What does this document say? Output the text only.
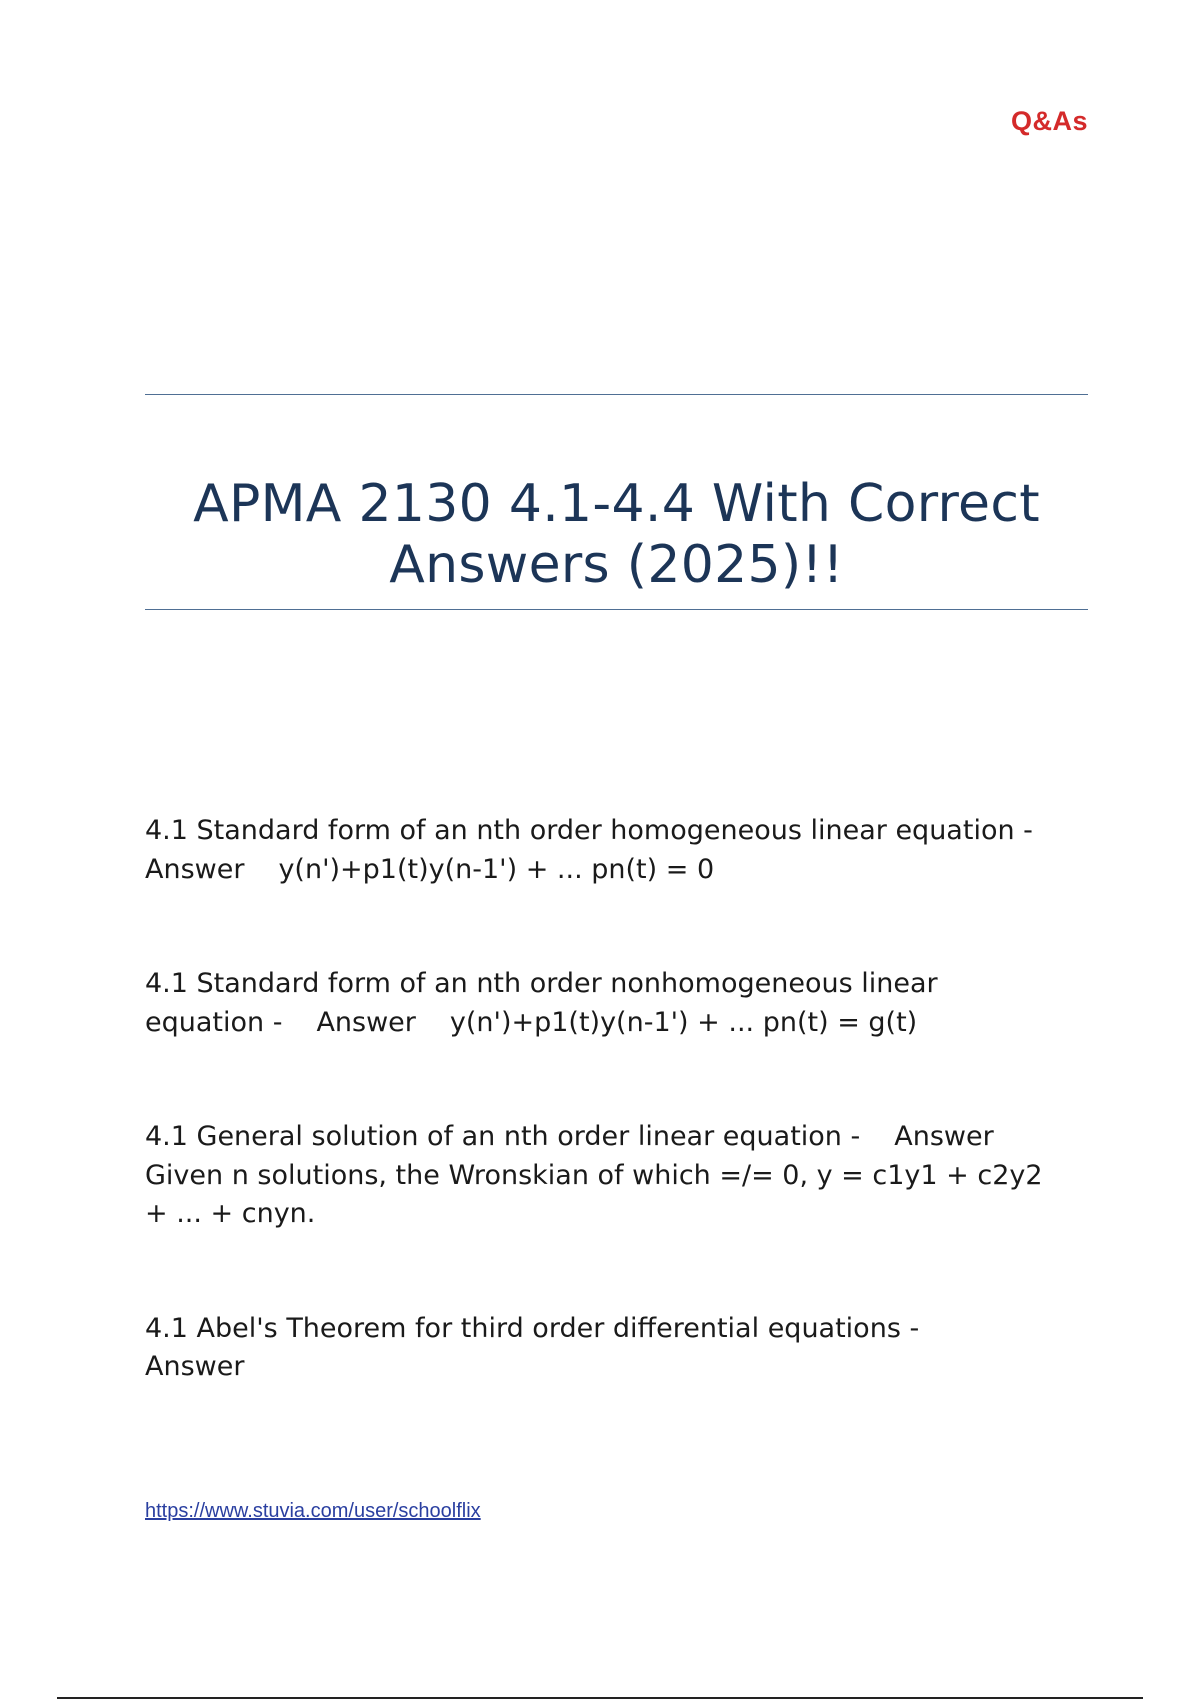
Q&As
APMA 2130 4.1-4.4 With Correct
Answers (2025)!!
4.1 Standard form of an nth order homogeneous linear equation -
Answer y(n')+p1(t)y(n-1') + ... pn(t) = 0
4.1 Standard form of an nth order nonhomogeneous linear
equation - Answer y(n')+p1(t)y(n-1') + ... pn(t) = g(t)
4.1 General solution of an nth order linear equation - Answer
Given n solutions, the Wronskian of which =/= 0, y = c1y1 + c2y2
+ ... + cnyn.
4.1 Abel's Theorem for third order differential equations -
Answer
https://www.stuvia.com/user/schoolflix
